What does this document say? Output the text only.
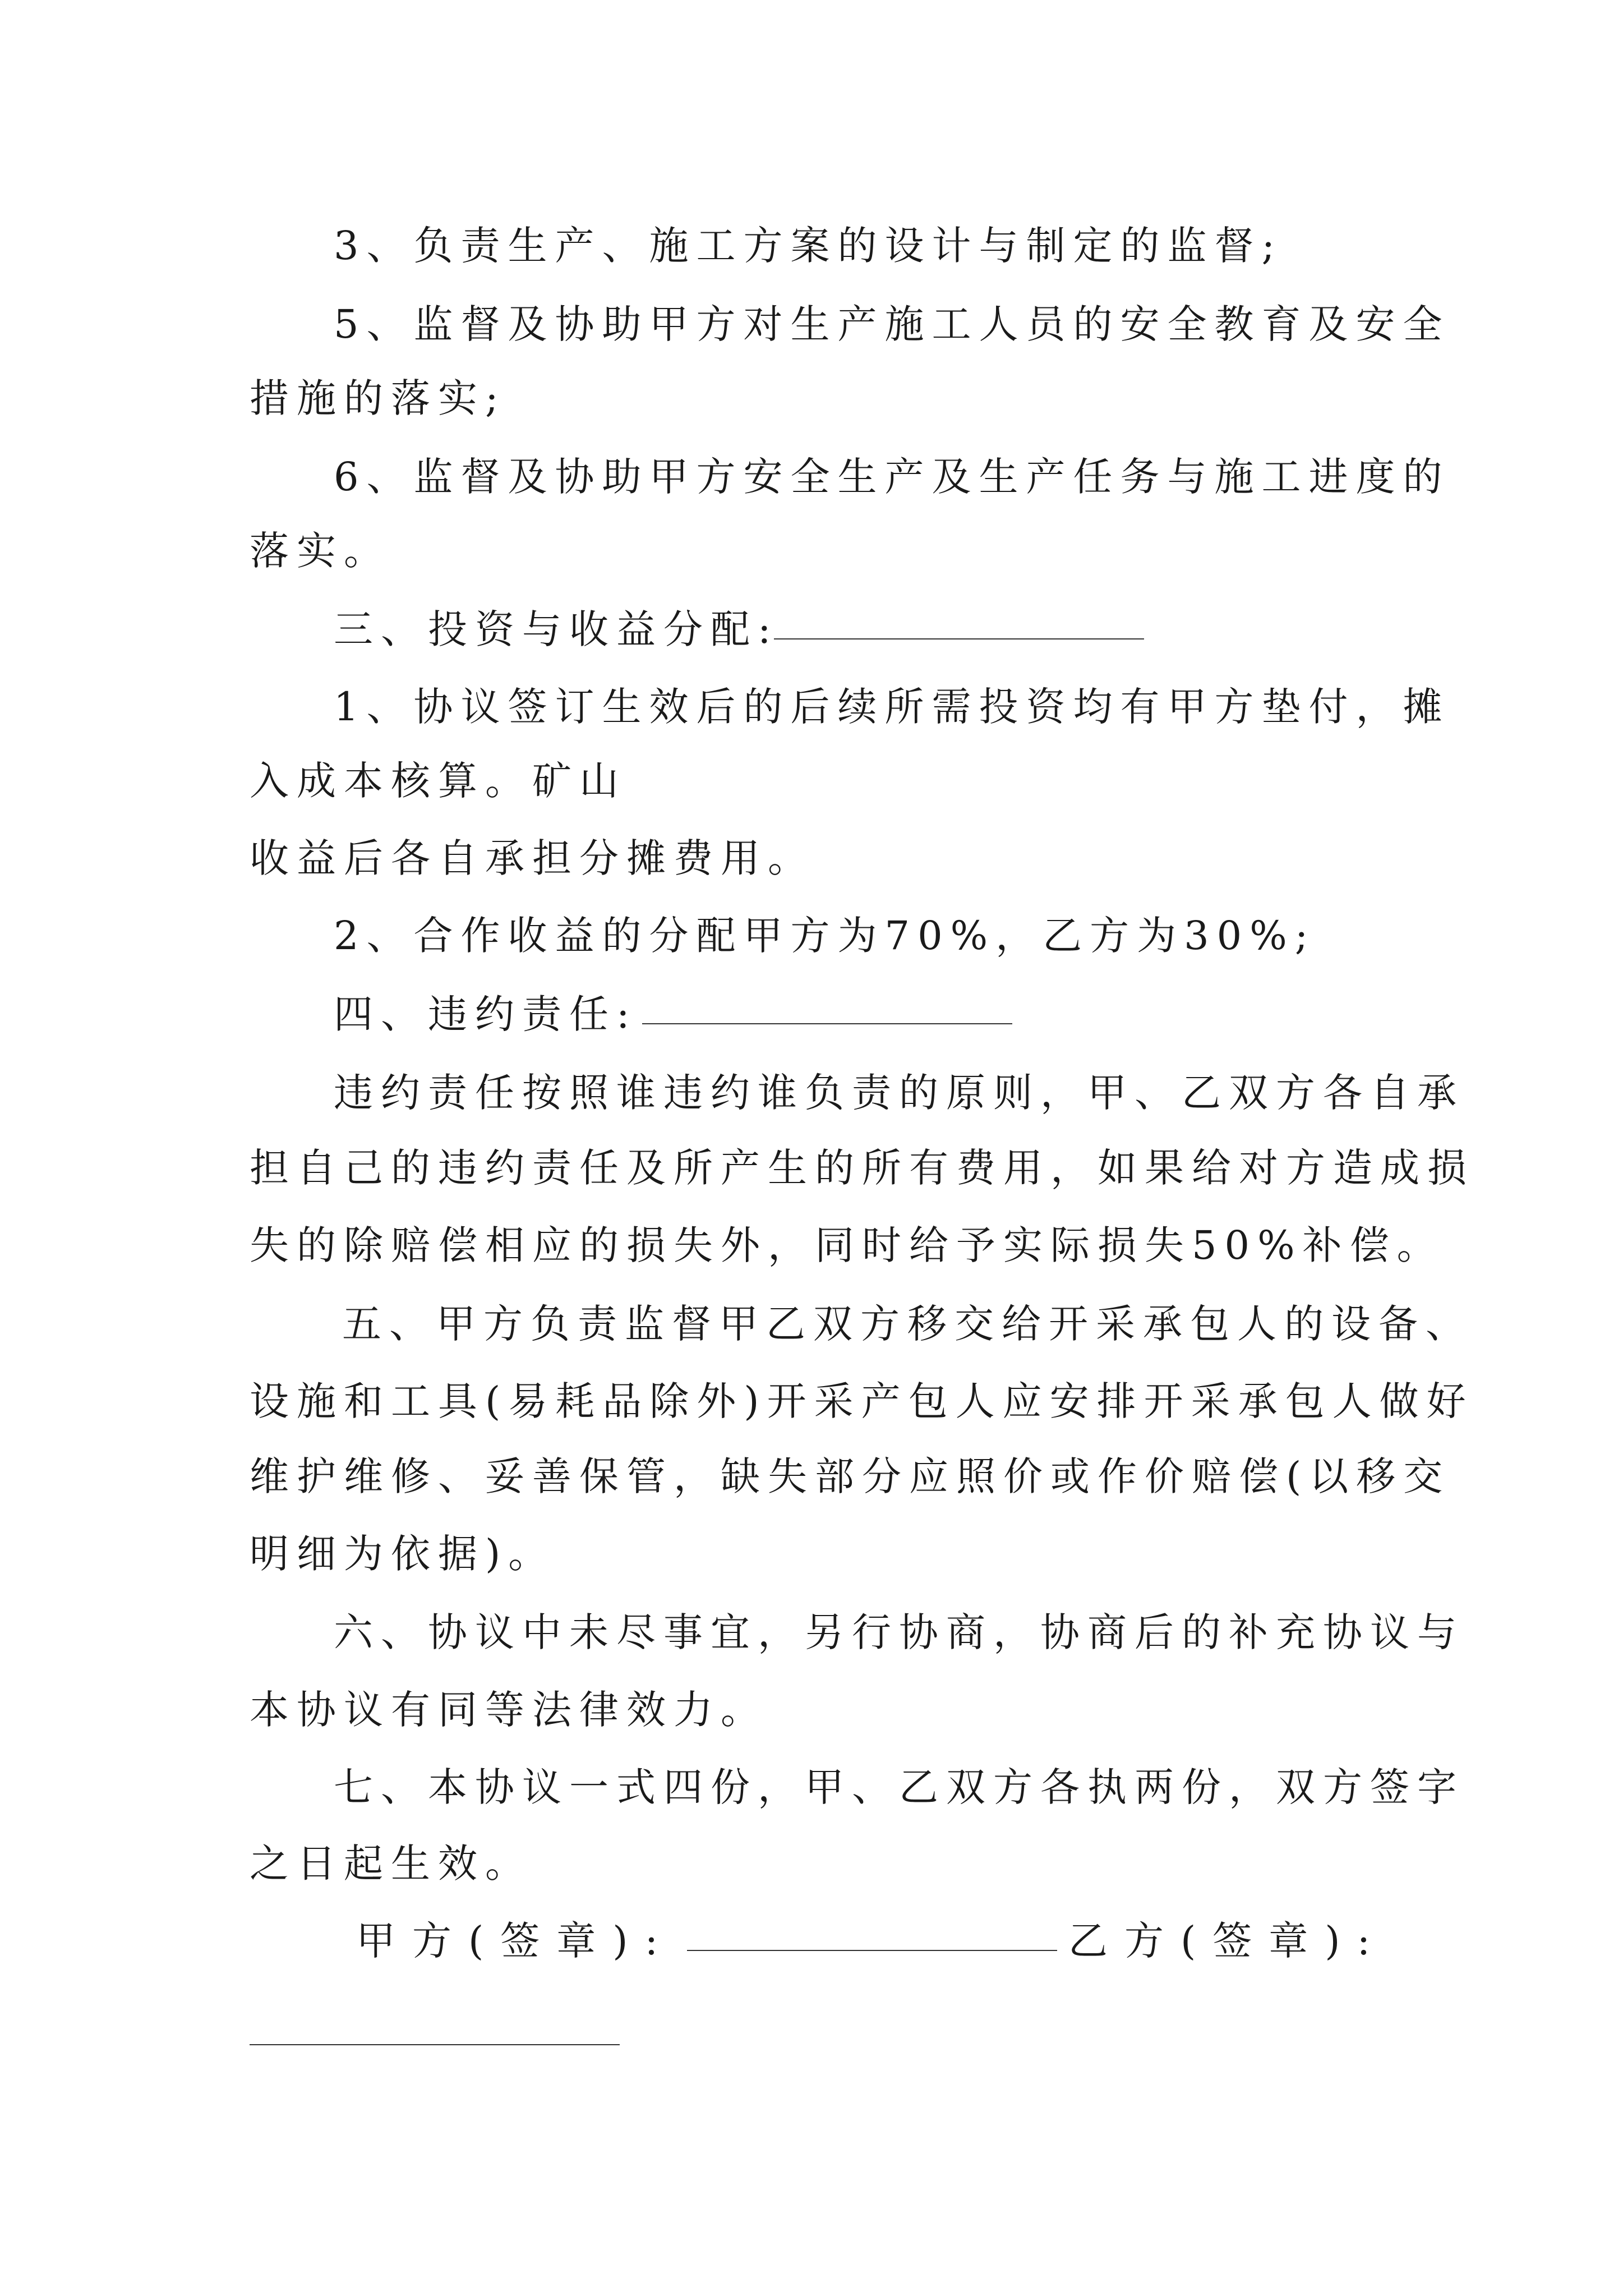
3、负责生产、施工方案的设计与制定的监督;
5、监督及协助甲方对生产施工人员的安全教育及安全
措施的落实;
6、监督及协助甲方安全生产及生产任务与施工进度的
落实。
三、投资与收益分配:
1、协议签订生效后的后续所需投资均有甲方垫付，摊
入成本核算。矿山
收益后各自承担分摊费用。
2、合作收益的分配甲方为70%，乙方为30%;
四、违约责任:
违约责任按照谁违约谁负责的原则，甲、乙双方各自承
担自己的违约责任及所产生的所有费用，如果给对方造成损
失的除赔偿相应的损失外，同时给予实际损失50%补偿。
五、甲方负责监督甲乙双方移交给开采承包人的设备、
设施和工具(易耗品除外)开采产包人应安排开采承包人做好
维护维修、妥善保管，缺失部分应照价或作价赔偿(以移交
明细为依据)。
六、协议中未尽事宜，另行协商，协商后的补充协议与
本协议有同等法律效力。
七、本协议一式四份，甲、乙双方各执两份，双方签字
之日起生效。
甲方(签章):	乙方(签章):
